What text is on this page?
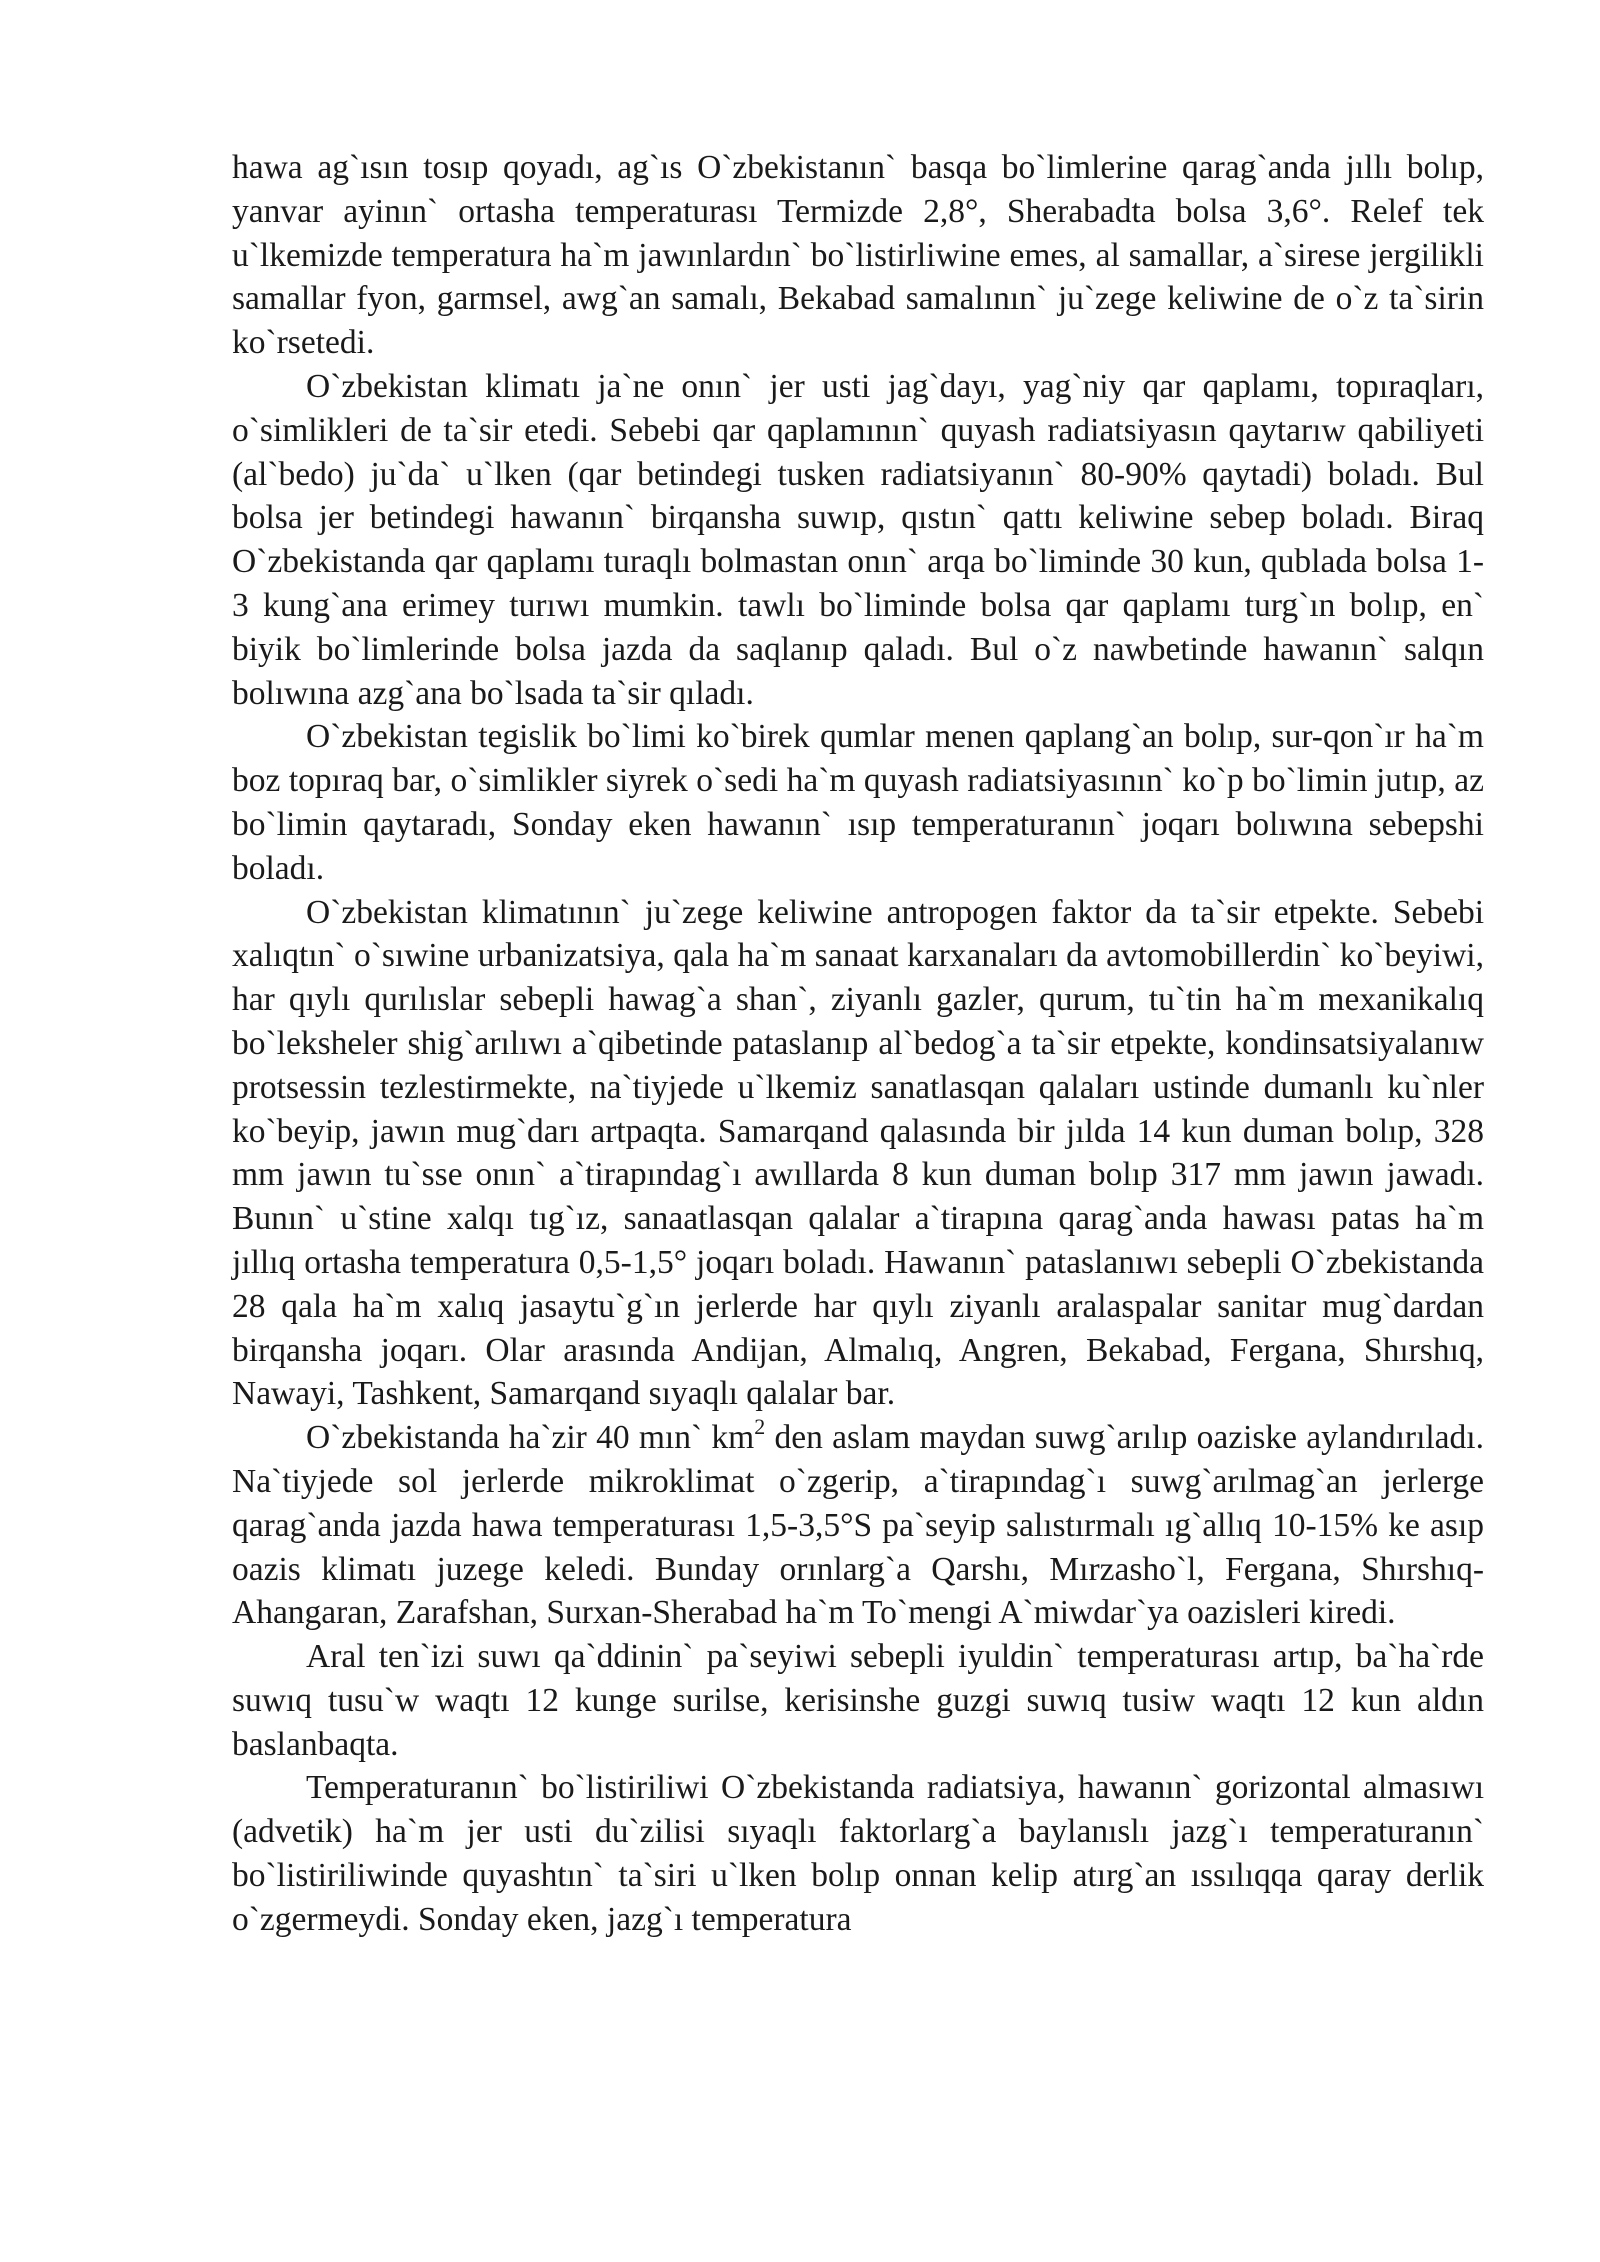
hawa ag`ısın tosıp qoyadı, ag`ıs O`zbekistanın` basqa bo`limlerine qarag`anda jıllı bolıp, yanvar ayinın` ortasha temperaturası Termizde 2,8°, Sherabadta bolsa 3,6°. Relef tek u`lkemizde temperatura ha`m jawınlardın` bo`listirliwine emes, al samallar, a`sirese jergilikli samallar fyon, garmsel, awg`an samalı, Bekabad samalının` ju`zege keliwine de o`z ta`sirin ko`rsetedi.

O`zbekistan klimatı ja`ne onın` jer usti jag`dayı, yag`niy qar qaplamı, topıraqları, o`simlikleri de ta`sir etedi. Sebebi qar qaplamının` quyash radiatsiyasın qaytarıw qabiliyeti (al`bedo) ju`da` u`lken (qar betindegi tusken radiatsiyanın` 80-90% qaytadi) boladı. Bul bolsa jer betindegi hawanın` birqansha suwıp, qıstın` qattı keliwine sebep boladı. Biraq O`zbekistanda qar qaplamı turaqlı bolmastan onın` arqa bo`liminde 30 kun, qublada bolsa 1-3 kung`ana erimey turıwı mumkin. tawlı bo`liminde bolsa qar qaplamı turg`ın bolıp, en` biyik bo`limlerinde bolsa jazda da saqlanıp qaladı. Bul o`z nawbetinde hawanın` salqın bolıwına azg`ana bo`lsada ta`sir qıladı.

O`zbekistan tegislik bo`limi ko`birek qumlar menen qaplang`an bolıp, sur-qon`ır ha`m boz topıraq bar, o`simlikler siyrek o`sedi ha`m quyash radiatsiyasının` ko`p bo`limin jutıp, az bo`limin qaytaradı, Sonday eken hawanın` ısıp temperaturanın` joqarı bolıwına sebepshi boladı.

O`zbekistan klimatının` ju`zege keliwine antropogen faktor da ta`sir etpekte. Sebebi xalıqtın` o`sıwine urbanizatsiya, qala ha`m sanaat karxanaları da avtomobillerdin` ko`beyiwi, har qıylı qurılıslar sebepli hawag`a shan`, ziyanlı gazler, qurum, tu`tin ha`m mexanikalıq bo`leksheler shig`arılıwı a`qibetinde pataslanıp al`bedog`a ta`sir etpekte, kondinsatsiyalanıw protsessin tezlestirmekte, na`tiyjede u`lkemiz sanatlasqan qalaları ustinde dumanlı ku`nler ko`beyip, jawın mug`darı artpaqta. Samarqand qalasında bir jılda 14 kun duman bolıp, 328 mm jawın tu`sse onın` a`tirapındag`ı awıllarda 8 kun duman bolıp 317 mm jawın jawadı. Bunın` u`stine xalqı tıg`ız, sanaatlasqan qalalar a`tirapına qarag`anda hawası patas ha`m jıllıq ortasha temperatura 0,5-1,5° joqarı boladı. Hawanın` pataslanıwı sebepli O`zbekistanda 28 qala ha`m xalıq jasaytu`g`ın jerlerde har qıylı ziyanlı aralaspalar sanitar mug`dardan birqansha joqarı. Olar arasında Andijan, Almalıq, Angren, Bekabad, Fergana, Shırshıq, Nawayi, Tashkent, Samarqand sıyaqlı qalalar bar.

O`zbekistanda ha`zir 40 mın` $km^2$ den aslam maydan suwg`arılıp oaziske aylandırıladı. Na`tiyjede sol jerlerde mikroklimat o`zgerip, a`tirapındag`ı suwg`arılmag`an jerlerge qarag`anda jazda hawa temperaturası 1,5-3,5°S pa`seyip salıstırmalı ıg`allıq 10-15% ke asıp oazis klimatı juzege keledi. Bunday orınlarg`a Qarshı, Mırzasho`l, Fergana, Shırshıq-Ahangaran, Zarafshan, Surxan-Sherabad ha`m To`mengi A`miwdar`ya oazisleri kiredi.

Aral ten`izi suwı qa`ddinin` pa`seyiwi sebepli iyuldin` temperaturası artıp, ba`ha`rde suwıq tusu`w waqtı 12 kunge surilse, kerisinshe guzgi suwıq tusiw waqtı 12 kun aldın baslanbaqta.

Temperaturanın` bo`listiriliwi O`zbekistanda radiatsiya, hawanın` gorizontal almasıwı (advetik) ha`m jer usti du`zilisi sıyaqlı faktorlarg`a baylanıslı jazg`ı temperaturanın` bo`listiriliwinde quyashtın` ta`siri u`lken bolıp onnan kelip atırg`an ıssılıqqa qaray derlik o`zgermeydi. Sonday eken, jazg`ı temperatura
